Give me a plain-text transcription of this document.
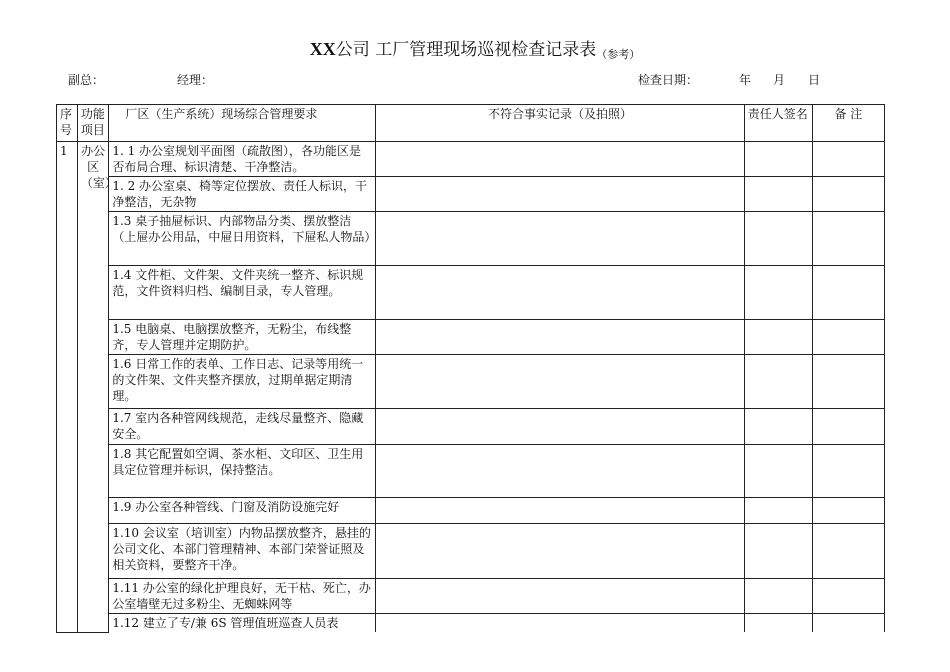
XX公司 工厂管理现场巡视检查记录表（参考）
副总：	经理：	检查日期：	年 月 日
序号	功能项目	厂区（生产系统）现场综合管理要求	不符合事实记录（及拍照）	责任人签名	备 注
1	办公区（室）	1. 1 办公室规划平面图（疏散图），各功能区是否布局合理、标识清楚、干净整洁。			
		1. 2 办公室桌、椅等定位摆放、责任人标识，干净整洁，无杂物			
		1.3 桌子抽屉标识、内部物品分类、摆放整洁（上屉办公用品，中屉日用资料，下屉私人物品）			
		1.4 文件柜、文件架、文件夹统一整齐、标识规范，文件资料归档、编制目录，专人管理。			
		1.5 电脑桌、电脑摆放整齐，无粉尘，布线整齐，专人管理并定期防护。			
		1.6 日常工作的表单、工作日志、记录等用统一的文件架、文件夹整齐摆放，过期单据定期清理。			
		1.7 室内各种管网线规范，走线尽量整齐、隐藏安全。			
		1.8 其它配置如空调、茶水柜、文印区、卫生用具定位管理并标识，保持整洁。			
		1.9 办公室各种管线、门窗及消防设施完好			
		1.10 会议室（培训室）内物品摆放整齐，悬挂的公司文化、本部门管理精神、本部门荣誉证照及相关资料，要整齐干净。			
		1.11 办公室的绿化护理良好，无干枯、死亡，办公室墙壁无过多粉尘、无蜘蛛网等			
		1.12 建立了专/兼 6S 管理值班巡查人员表			
